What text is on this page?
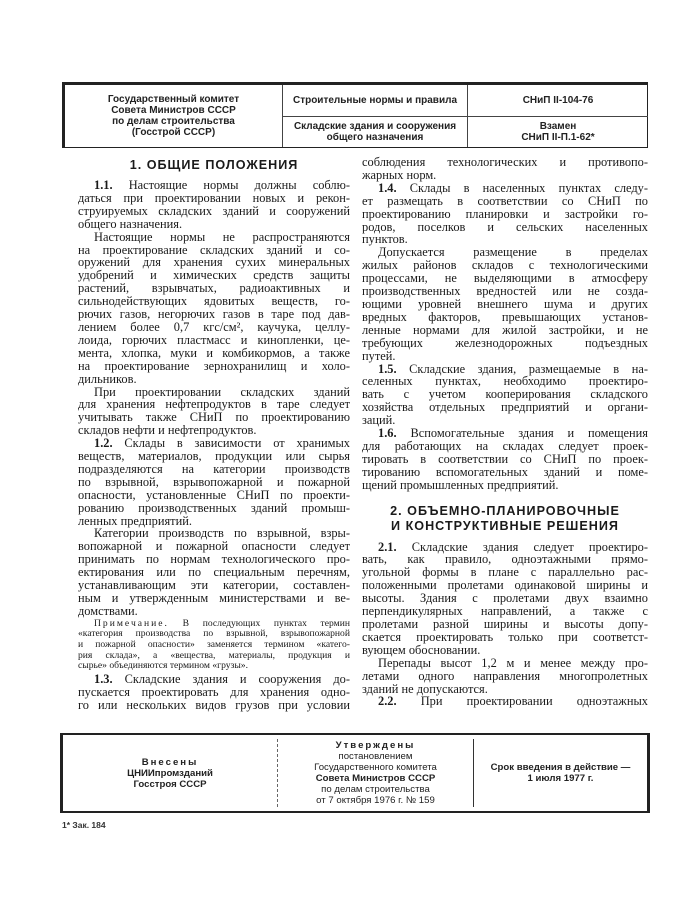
Государственный комитет
Совета Министров СССР
по делам строительства
(Госстрой СССР)
Строительные нормы и правила
Складские здания и сооружения
общего назначения
СНиП II-104-76
Взамен
СНиП II-П.1-62*
1. ОБЩИЕ ПОЛОЖЕНИЯ
1.1. Настоящие нормы должны соблю-
даться при проектировании новых и рекон-
струируемых складских зданий и сооружений
общего назначения.
Настоящие нормы не распространяются
на проектирование складских зданий и со-
оружений для хранения сухих минеральных
удобрений и химических средств защиты
растений, взрывчатых, радиоактивных и
сильнодействующих ядовитых веществ, го-
рючих газов, негорючих газов в таре под дав-
лением более 0,7 кгс/см², каучука, целлу-
лоида, горючих пластмасс и кинопленки, це-
мента, хлопка, муки и комбикормов, а также
на проектирование зернохранилищ и холо-
дильников.
При проектировании складских зданий
для хранения нефтепродуктов в таре следует
учитывать также СНиП по проектированию
складов нефти и нефтепродуктов.
1.2. Склады в зависимости от хранимых
веществ, материалов, продукции или сырья
подразделяются на категории производств
по взрывной, взрывопожарной и пожарной
опасности, установленные СНиП по проекти-
рованию производственных зданий промыш-
ленных предприятий.
Категории производств по взрывной, взры-
вопожарной и пожарной опасности следует
принимать по нормам технологического про-
ектирования или по специальным перечням,
устанавливающим эти категории, составлен-
ным и утвержденным министерствами и ве-
домствами.
Примечание. В последующих пунктах термин
«категория производства по взрывной, взрывопожарной
и пожарной опасности» заменяется термином «катего-
рия склада», а «вещества, материалы, продукция и
сырье» объединяются термином «грузы».
1.3. Складские здания и сооружения до-
пускается проектировать для хранения одно-
го или нескольких видов грузов при условии
соблюдения технологических и противопо-
жарных норм.
1.4. Склады в населенных пунктах следу-
ет размещать в соответствии со СНиП по
проектированию планировки и застройки го-
родов, поселков и сельских населенных
пунктов.
Допускается размещение в пределах
жилых районов складов с технологическими
процессами, не выделяющими в атмосферу
производственных вредностей или не созда-
ющими уровней внешнего шума и других
вредных факторов, превышающих установ-
ленные нормами для жилой застройки, и не
требующих железнодорожных подъездных
путей.
1.5. Складские здания, размещаемые в на-
селенных пунктах, необходимо проектиро-
вать с учетом кооперирования складского
хозяйства отдельных предприятий и органи-
заций.
1.6. Вспомогательные здания и помещения
для работающих на складах следует проек-
тировать в соответствии со СНиП по проек-
тированию вспомогательных зданий и поме-
щений промышленных предприятий.
2. ОБЪЕМНО-ПЛАНИРОВОЧНЫЕ
И КОНСТРУКТИВНЫЕ РЕШЕНИЯ
2.1. Складские здания следует проектиро-
вать, как правило, одноэтажными прямо-
угольной формы в плане с параллельно рас-
положенными пролетами одинаковой ширины и
высоты. Здания с пролетами двух взаимно
перпендикулярных направлений, а также с
пролетами разной ширины и высоты допу-
скается проектировать только при соответст-
вующем обосновании.
Перепады высот 1,2 м и менее между про-
летами одного направления многопролетных
зданий не допускаются.
2.2. При проектировании одноэтажных
Внесены
ЦНИИпромзданий
Госстроя СССР
Утверждены
постановлением
Государственного комитета
Совета Министров СССР
по делам строительства
от 7 октября 1976 г. № 159
Срок введения в действие —
1 июля 1977 г.
1* Зак. 184
